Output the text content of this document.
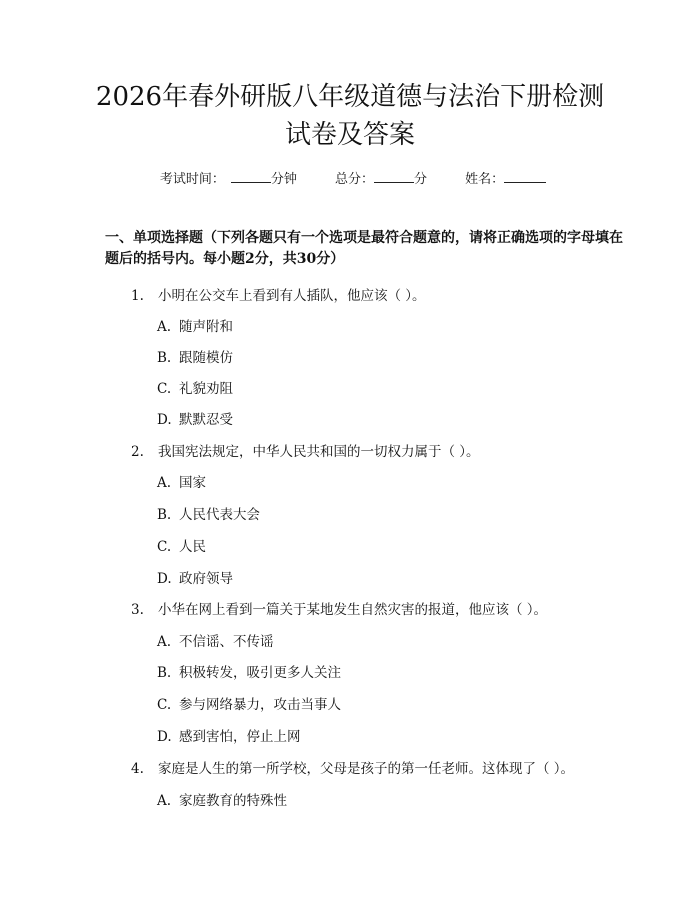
2026年春外研版八年级道德与法治下册检测
试卷及答案
考试时间：	分钟	总分：	分	姓名：
一、单项选择题（下列各题只有一个选项是最符合题意的，请将正确选项的字母填在题后的括号内。每小题2分，共30分）
1. 小明在公交车上看到有人插队，他应该（ ）。
A. 随声附和
B. 跟随模仿
C. 礼貌劝阻
D. 默默忍受
2. 我国宪法规定，中华人民共和国的一切权力属于（ ）。
A. 国家
B. 人民代表大会
C. 人民
D. 政府领导
3. 小华在网上看到一篇关于某地发生自然灾害的报道，他应该（ ）。
A. 不信谣、不传谣
B. 积极转发，吸引更多人关注
C. 参与网络暴力，攻击当事人
D. 感到害怕，停止上网
4. 家庭是人生的第一所学校，父母是孩子的第一任老师。这体现了（ ）。
A. 家庭教育的特殊性
